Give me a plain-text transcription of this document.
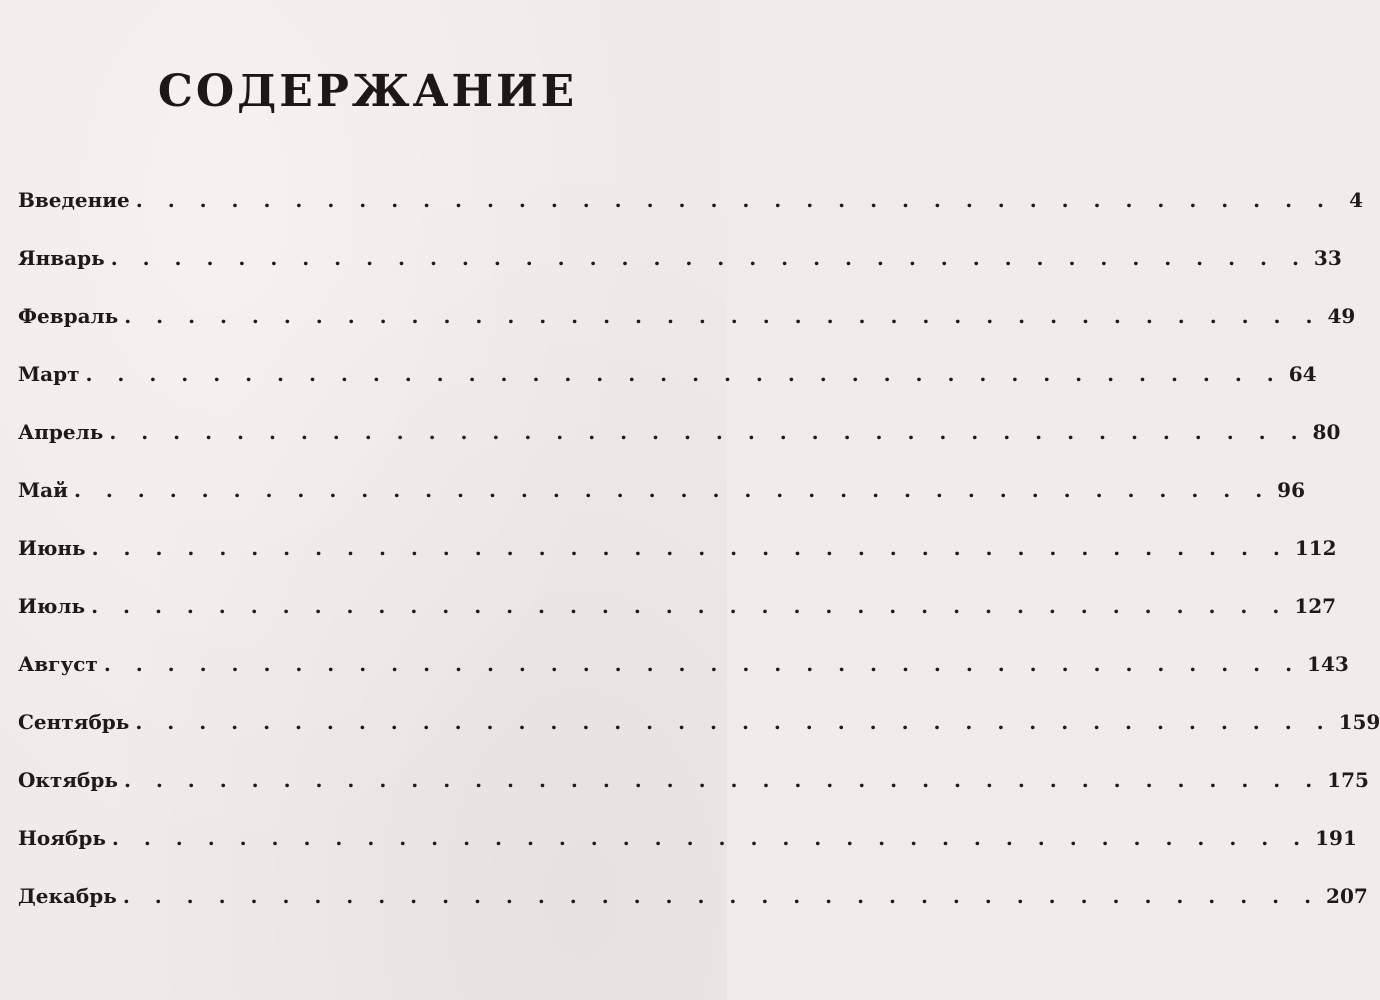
СОДЕРЖАНИЕ
Введение . . . . . . . . . . . . . . . . . . . . . . . . . . . . . . . . . . . . . . 4
Январь . . . . . . . . . . . . . . . . . . . . . . . . . . . . . . . . . . . . . . 33
Февраль . . . . . . . . . . . . . . . . . . . . . . . . . . . . . . . . . . . . . . 49
Март . . . . . . . . . . . . . . . . . . . . . . . . . . . . . . . . . . . . . . 64
Апрель . . . . . . . . . . . . . . . . . . . . . . . . . . . . . . . . . . . . . . 80
Май . . . . . . . . . . . . . . . . . . . . . . . . . . . . . . . . . . . . . . 96
Июнь . . . . . . . . . . . . . . . . . . . . . . . . . . . . . . . . . . . . . . 112
Июль . . . . . . . . . . . . . . . . . . . . . . . . . . . . . . . . . . . . . . 127
Август . . . . . . . . . . . . . . . . . . . . . . . . . . . . . . . . . . . . . . 143
Сентябрь . . . . . . . . . . . . . . . . . . . . . . . . . . . . . . . . . . . . . . 159
Октябрь . . . . . . . . . . . . . . . . . . . . . . . . . . . . . . . . . . . . . . 175
Ноябрь . . . . . . . . . . . . . . . . . . . . . . . . . . . . . . . . . . . . . . 191
Декабрь . . . . . . . . . . . . . . . . . . . . . . . . . . . . . . . . . . . . . . 207
